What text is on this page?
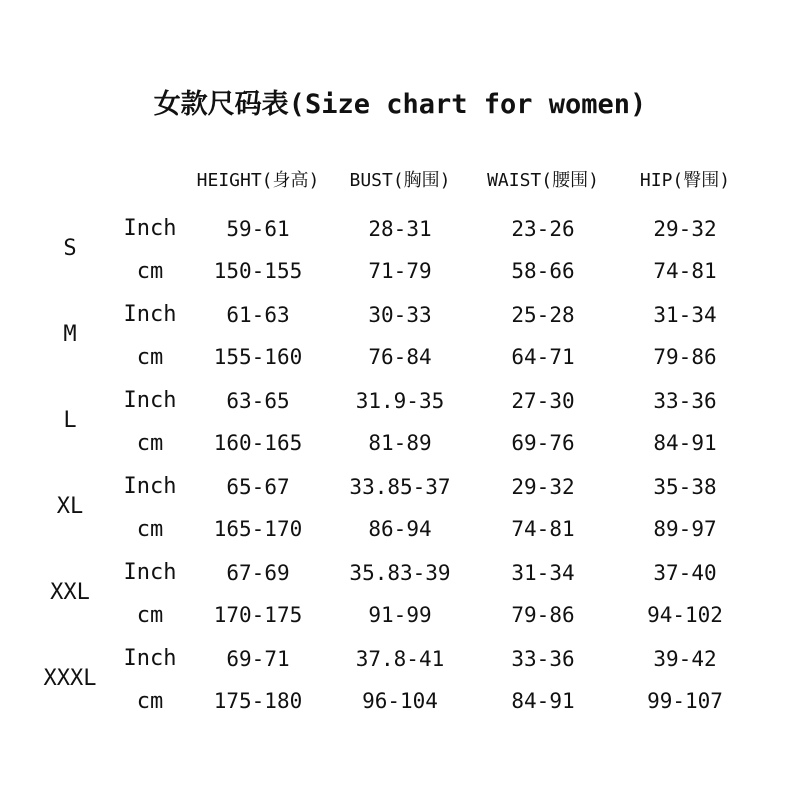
女款尺码表(Size chart for women)
HEIGHT(身高)	BUST(胸围)	WAIST(腰围)	HIP(臀围)
S
Inch	59-61	28-31	23-26	29-32
cm	150-155	71-79	58-66	74-81
M
Inch	61-63	30-33	25-28	31-34
cm	155-160	76-84	64-71	79-86
L
Inch	63-65	31.9-35	27-30	33-36
cm	160-165	81-89	69-76	84-91
XL
Inch	65-67	33.85-37	29-32	35-38
cm	165-170	86-94	74-81	89-97
XXL
Inch	67-69	35.83-39	31-34	37-40
cm	170-175	91-99	79-86	94-102
XXXL
Inch	69-71	37.8-41	33-36	39-42
cm	175-180	96-104	84-91	99-107
